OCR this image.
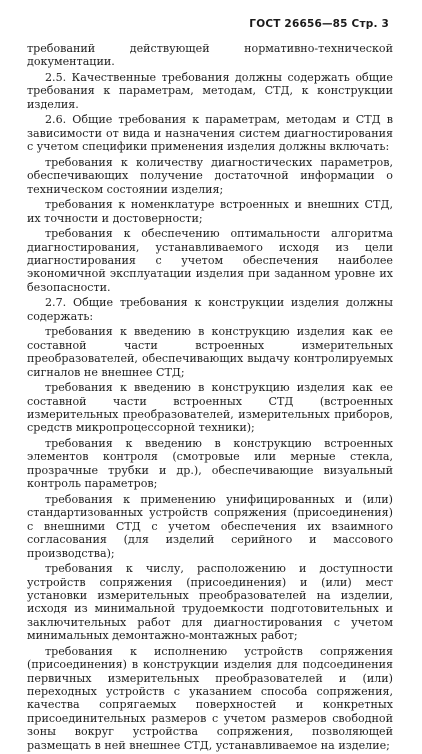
ГОСТ 26656—85 Стр. 3

требований действующей нормативно-технической документации.

2.5. Качественные требования должны содержать общие требования к параметрам, методам, СТД, к конструкции изделия.

2.6. Общие требования к параметрам, методам и СТД в зависимости от вида и назначения систем диагностирования с учетом специфики применения изделия должны включать:

требования к количеству диагностических параметров, обеспечивающих получение достаточной информации о техническом состоянии изделия;

требования к номенклатуре встроенных и внешних СТД, их точности и достоверности;

требования к обеспечению оптимальности алгоритма диагностирования, устанавливаемого исходя из цели диагностирования с учетом обеспечения наиболее экономичной эксплуатации изделия при заданном уровне их безопасности.

2.7. Общие требования к конструкции изделия должны содержать:

требования к введению в конструкцию изделия как ее составной части встроенных измерительных преобразователей, обеспечивающих выдачу контролируемых сигналов не внешнее СТД;

требования к введению в конструкцию изделия как ее составной части встроенных СТД (встроенных измерительных преобразователей, измерительных приборов, средств микропроцессорной техники);

требования к введению в конструкцию встроенных элементов контроля (смотровые или мерные стекла, прозрачные трубки и др.), обеспечивающие визуальный контроль параметров;

требования к применению унифицированных и (или) стандартизованных устройств сопряжения (присоединения) с внешними СТД с учетом обеспечения их взаимного согласования (для изделий серийного и массового производства);

требования к числу, расположению и доступности устройств сопряжения (присоединения) и (или) мест установки измерительных преобразователей на изделии, исходя из минимальной трудоемкости подготовительных и заключительных работ для диагностирования с учетом минимальных демонтажно-монтажных работ;

требования к исполнению устройств сопряжения (присоединения) в конструкции изделия для подсоединения первичных измерительных преобразователей и (или) переходных устройств с указанием способа сопряжения, качества сопрягаемых поверхностей и конкретных присоединительных размеров с учетом размеров свободной зоны вокруг устройства сопряжения, позволяющей размещать в ней внешнее СТД, устанавливаемое на изделие;
